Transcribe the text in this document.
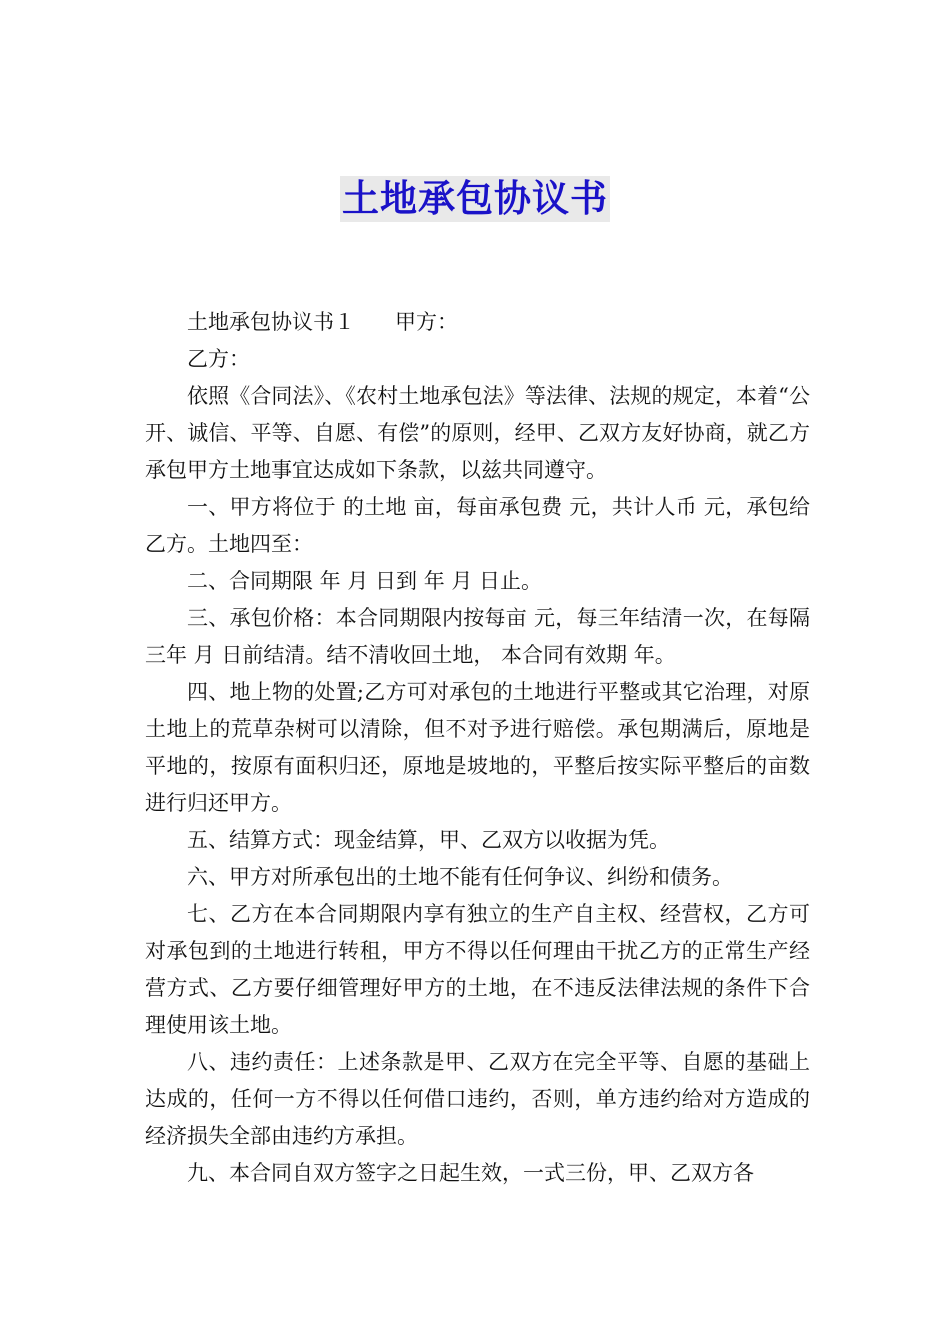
土地承包协议书

土地承包协议书１ 甲方：

乙方：

依照《合同法》、《农村土地承包法》等法律、法规的规定，本着“公开、诚信、平等、自愿、有偿”的原则，经甲、乙双方友好协商，就乙方承包甲方土地事宜达成如下条款，以兹共同遵守。

一、甲方将位于 的土地 亩，每亩承包费 元，共计人币 元，承包给乙方。土地四至：

二、合同期限 年 月 日到 年 月 日止。

三、承包价格：本合同期限内按每亩 元，每三年结清一次，在每隔三年 月 日前结清。结不清收回土地， 本合同有效期 年。

四、地上物的处置;乙方可对承包的土地进行平整或其它治理，对原土地上的荒草杂树可以清除，但不对予进行赔偿。承包期满后，原地是平地的，按原有面积归还，原地是坡地的，平整后按实际平整后的亩数进行归还甲方。

五、结算方式：现金结算，甲、乙双方以收据为凭。

六、甲方对所承包出的土地不能有任何争议、纠纷和债务。

七、乙方在本合同期限内享有独立的生产自主权、经营权，乙方可对承包到的土地进行转租，甲方不得以任何理由干扰乙方的正常生产经营方式、乙方要仔细管理好甲方的土地，在不违反法律法规的条件下合理使用该土地。

八、违约责任：上述条款是甲、乙双方在完全平等、自愿的基础上达成的，任何一方不得以任何借口违约，否则，单方违约给对方造成的经济损失全部由违约方承担。

九、本合同自双方签字之日起生效，一式三份，甲、乙双方各
